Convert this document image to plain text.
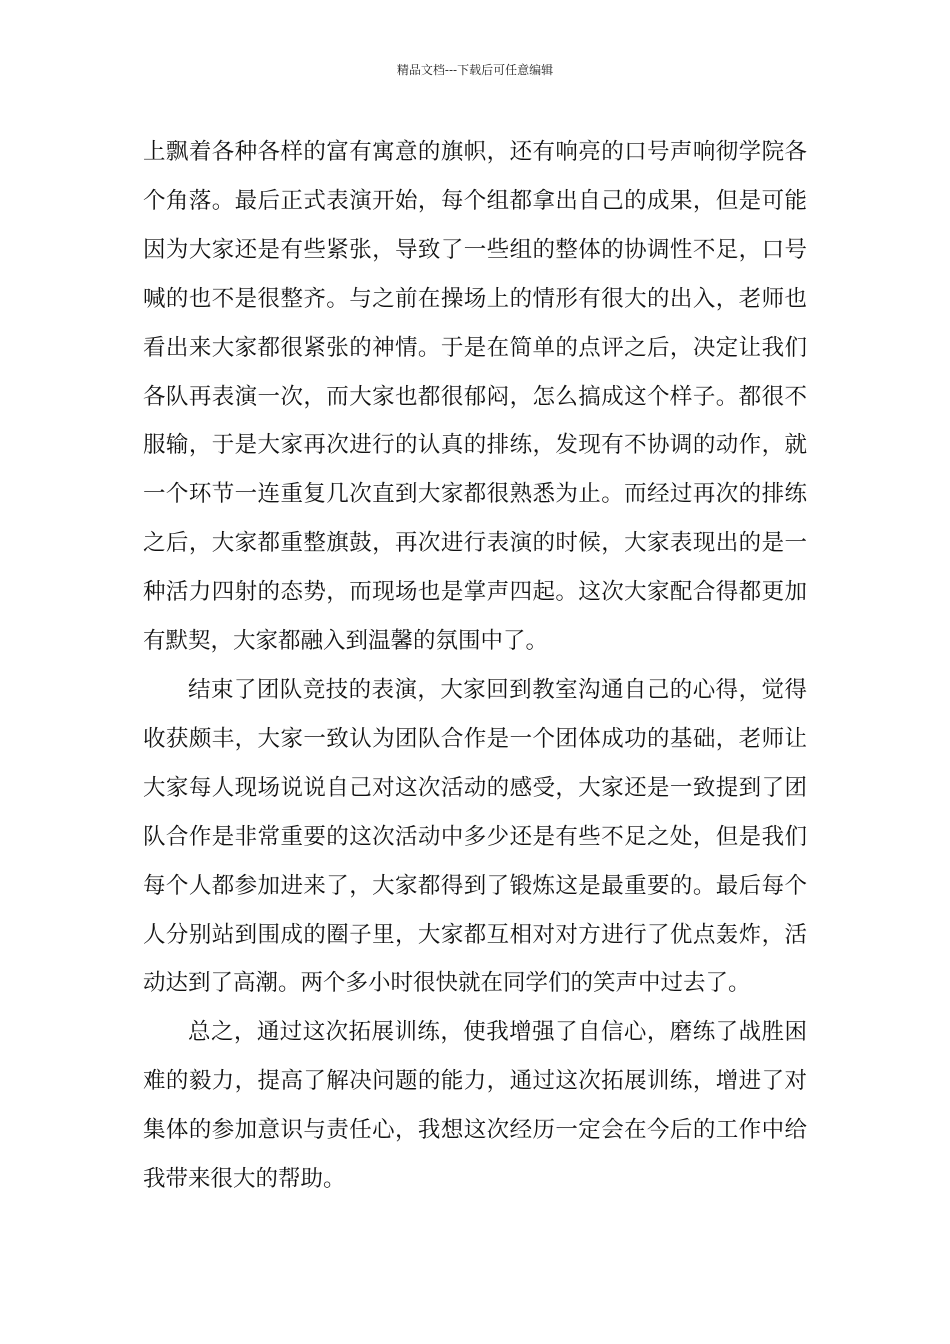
精品文档---下载后可任意编辑

上飘着各种各样的富有寓意的旗帜，还有响亮的口号声响彻学院各个角落。最后正式表演开始，每个组都拿出自己的成果，但是可能因为大家还是有些紧张，导致了一些组的整体的协调性不足，口号喊的也不是很整齐。与之前在操场上的情形有很大的出入，老师也看出来大家都很紧张的神情。于是在简单的点评之后，决定让我们各队再表演一次，而大家也都很郁闷，怎么搞成这个样子。都很不服输，于是大家再次进行的认真的排练，发现有不协调的动作，就一个环节一连重复几次直到大家都很熟悉为止。而经过再次的排练之后，大家都重整旗鼓，再次进行表演的时候，大家表现出的是一种活力四射的态势，而现场也是掌声四起。这次大家配合得都更加有默契，大家都融入到温馨的氛围中了。

结束了团队竞技的表演，大家回到教室沟通自己的心得，觉得收获颇丰，大家一致认为团队合作是一个团体成功的基础，老师让大家每人现场说说自己对这次活动的感受，大家还是一致提到了团队合作是非常重要的这次活动中多少还是有些不足之处，但是我们每个人都参加进来了，大家都得到了锻炼这是最重要的。最后每个人分别站到围成的圈子里，大家都互相对对方进行了优点轰炸，活动达到了高潮。两个多小时很快就在同学们的笑声中过去了。

总之，通过这次拓展训练，使我增强了自信心，磨练了战胜困难的毅力，提高了解决问题的能力，通过这次拓展训练，增进了对集体的参加意识与责任心，我想这次经历一定会在今后的工作中给我带来很大的帮助。
